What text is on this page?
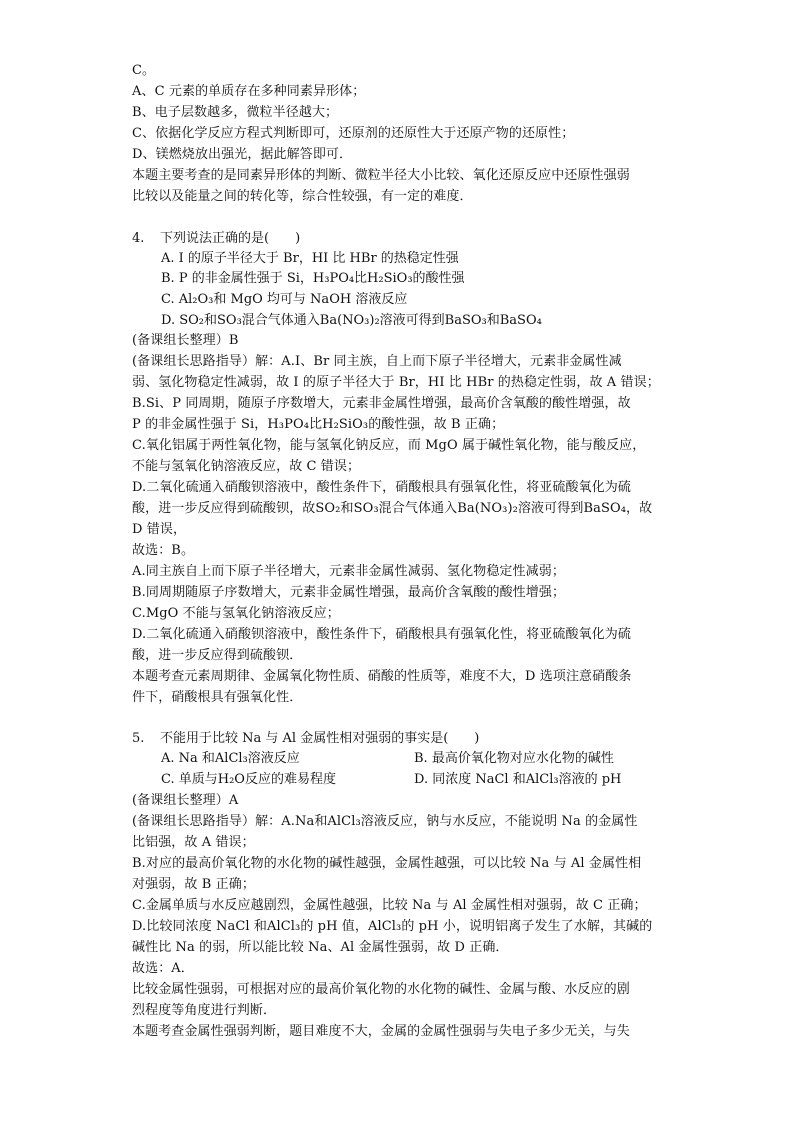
C。
A、C 元素的单质存在多种同素异形体；
B、电子层数越多，微粒半径越大；
C、依据化学反应方程式判断即可，还原剂的还原性大于还原产物的还原性；
D、镁燃烧放出强光，据此解答即可．
本题主要考查的是同素异形体的判断、微粒半径大小比较、氧化还原反应中还原性强弱
比较以及能量之间的转化等，综合性较强，有一定的难度．
4. 下列说法正确的是(　　)
A. I 的原子半径大于 Br，HI 比 HBr 的热稳定性强
B. P 的非金属性强于 Si，H₃PO₄比H₂SiO₃的酸性强
C. Al₂O₃和 MgO 均可与 NaOH 溶液反应
D. SO₂和SO₃混合气体通入Ba(NO₃)₂溶液可得到BaSO₃和BaSO₄
(备课组长整理）B
(备课组长思路指导）解：A.I、Br 同主族，自上而下原子半径增大，元素非金属性减
弱、氢化物稳定性减弱，故 I 的原子半径大于 Br，HI 比 HBr 的热稳定性弱，故 A 错误；
B.Si、P 同周期，随原子序数增大，元素非金属性增强，最高价含氧酸的酸性增强，故
P 的非金属性强于 Si，H₃PO₄比H₂SiO₃的酸性强，故 B 正确；
C.氧化铝属于两性氧化物，能与氢氧化钠反应，而 MgO 属于碱性氧化物，能与酸反应，
不能与氢氧化钠溶液反应，故 C 错误；
D.二氧化硫通入硝酸钡溶液中，酸性条件下，硝酸根具有强氧化性，将亚硫酸氧化为硫
酸，进一步反应得到硫酸钡，故SO₂和SO₃混合气体通入Ba(NO₃)₂溶液可得到BaSO₄，故
D 错误，
故选：B。
A.同主族自上而下原子半径增大，元素非金属性减弱、氢化物稳定性减弱；
B.同周期随原子序数增大，元素非金属性增强，最高价含氧酸的酸性增强；
C.MgO 不能与氢氧化钠溶液反应；
D.二氧化硫通入硝酸钡溶液中，酸性条件下，硝酸根具有强氧化性，将亚硫酸氧化为硫
酸，进一步反应得到硫酸钡．
本题考查元素周期律、金属氧化物性质、硝酸的性质等，难度不大，D 选项注意硝酸条
件下，硝酸根具有强氧化性．
5. 不能用于比较 Na 与 Al 金属性相对强弱的事实是(　　)
A. Na 和AlCl₃溶液反应	B. 最高价氧化物对应水化物的碱性
C. 单质与H₂O反应的难易程度	D. 同浓度 NaCl 和AlCl₃溶液的 pH
(备课组长整理）A
(备课组长思路指导）解：A.Na和AlCl₃溶液反应，钠与水反应，不能说明 Na 的金属性
比铝强，故 A 错误；
B.对应的最高价氧化物的水化物的碱性越强，金属性越强，可以比较 Na 与 Al 金属性相
对强弱，故 B 正确；
C.金属单质与水反应越剧烈，金属性越强，比较 Na 与 Al 金属性相对强弱，故 C 正确；
D.比较同浓度 NaCl 和AlCl₃的 pH 值，AlCl₃的 pH 小，说明铝离子发生了水解，其碱的
碱性比 Na 的弱，所以能比较 Na、Al 金属性强弱，故 D 正确．
故选：A．
比较金属性强弱，可根据对应的最高价氧化物的水化物的碱性、金属与酸、水反应的剧
烈程度等角度进行判断．
本题考查金属性强弱判断，题目难度不大，金属的金属性强弱与失电子多少无关，与失
